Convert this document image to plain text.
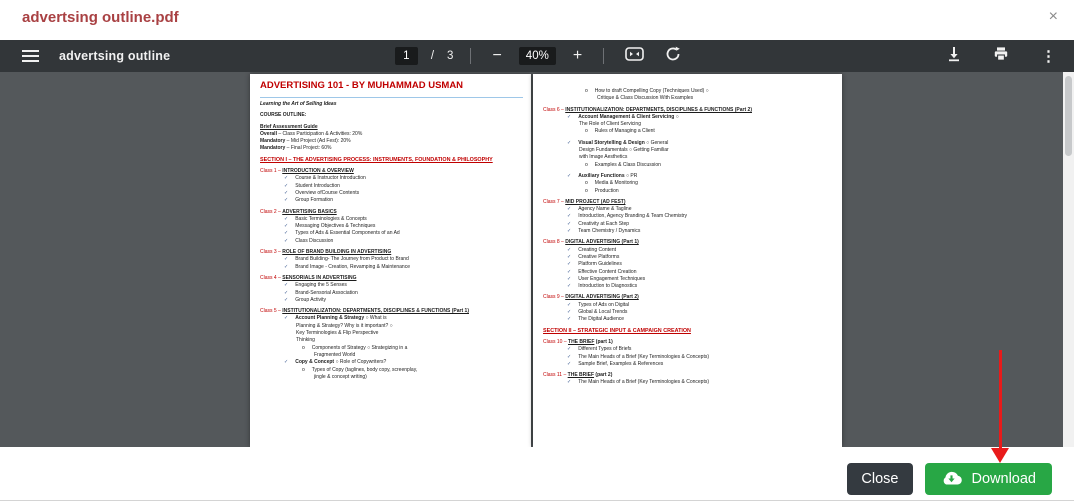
advertsing outline.pdf	×
advertsing outline	1	/ 3 −	40%	+	⋮
ADVERTISING 101 - BY MUHAMMAD USMAN
Learning the Art of Selling Ideas
COURSE OUTLINE:
Brief Assessment Guide
Overall – Class Participation & Activities: 20%
Mandatory – Mid Project (Ad Fest): 20%
Mandatory – Final Project: 60%
SECTION I – THE ADVERTISING PROCESS: INSTRUMENTS, FOUNDATION & PHILOSOPHY
Class 1 – INTRODUCTION & OVERVIEW
✓ Course & Instructor Introduction
✓ Student Introduction
✓ Overview ofCourse Contents
✓ Group Formation
Class 2 – ADVERTISING BASICS
✓ Basic Terminologies & Concepts
✓ Messaging Objectives & Techniques
✓ Types of Ads & Essential Components of an Ad
✓ Class Discussion
Class 3 – ROLE OF BRAND BUILDING IN ADVERTISING
✓ Brand Building- The Journey from Product to Brand
✓ Brand Image - Creation, Revamping & Maintenance
Class 4 – SENSORIALS IN ADVERTISING
✓ Engaging the 5 Senses
✓ Brand-Sensorial Association
✓ Group Activity
Class 5 – INSTITUTIONALIZATION: DEPARTMENTS, DISCIPLINES & FUNCTIONS (Part 1)
✓ Account Planning & Strategy ○ What is
Planning & Strategy? Why is it important? ○
Key Terminologies & Flip Perspective
Thinking
o Components of Strategy ○ Strategizing in a
Fragmented World
✓ Copy & Concept ○ Role of Copywriters?
o Types of Copy (taglines, body copy, screenplay,
jingle & concept writing)
o How to draft Compelling Copy (Techniques Used) ○
Critique & Class Discussion With Examples
Class 6 – INSTITUTIONALIZATION: DEPARTMENTS, DISCIPLINES & FUNCTIONS (Part 2)
✓ Account Management & Client Servicing ○
The Role of Client Servicing
o Rules of Managing a Client
✓ Visual Storytelling & Design ○ General
Design Fundamentals ○ Getting Familiar
with Image Aesthetics
o Examples & Class Discussion
✓ Auxiliary Functions ○ PR
o Media & Monitoring
o Production
Class 7 – MID PROJECT (AD FEST)
✓ Agency Name & Tagline
✓ Introduction, Agency Branding & Team Chemistry
✓ Creativity at Each Step
✓ Team Chemistry / Dynamics
Class 8 – DIGITAL ADVERTISING (Part 1)
✓ Creating Content
✓ Creative Platforms
✓ Platform Guidelines
✓ Effective Content Creation
✓ User Engagement Techniques
✓ Introduction to Diagnostics
Class 9 – DIGITAL ADVERTISING (Part 2)
✓ Types of Ads on Digital
✓ Global & Local Trends
✓ The Digital Audience
SECTION II – STRATEGIC INPUT & CAMPAIGN CREATION
Class 10 – THE BRIEF (part 1)
✓ Different Types of Briefs
✓ The Main Heads of a Brief (Key Terminologies & Concepts)
✓ Sample Brief, Examples & References
Class 11 – THE BRIEF (part 2)
✓ The Main Heads of a Brief (Key Terminologies & Concepts)
Close	Download
